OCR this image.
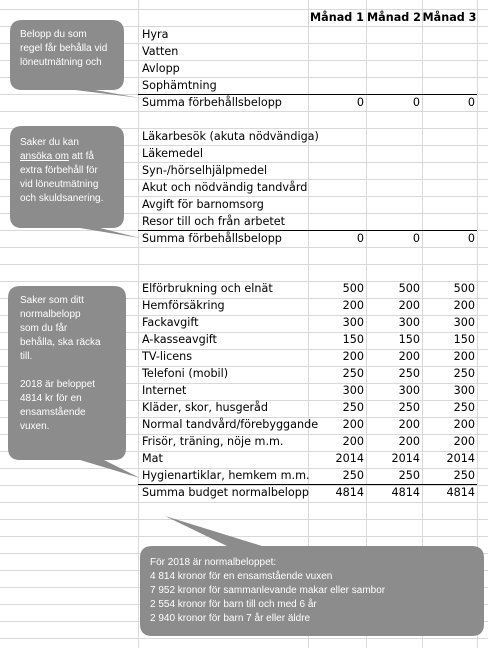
Månad 1 Månad 2 Månad 3
Hyra
Vatten
Avlopp
Sophämtning
Summa förbehållsbelopp	0	0	0
Läkarbesök (akuta nödvändiga)
Läkemedel
Syn-/hörselhjälpmedel
Akut och nödvändig tandvård
Avgift för barnomsorg
Resor till och från arbetet
Summa förbehållsbelopp	0	0	0
Elförbrukning och elnät	500	500	500
Hemförsäkring	200	200	200
Fackavgift	300	300	300
A-kasseavgift	150	150	150
TV-licens	200	200	200
Telefoni (mobil)	250	250	250
Internet	300	300	300
Kläder, skor, husgeråd	250	250	250
Normal tandvård/förebyggande	200	200	200
Frisör, träning, nöje m.m.	200	200	200
Mat	2014	2014	2014
Hygienartiklar, hemkem m.m.	250	250	250
Summa budget normalbelopp	4814	4814	4814
Belopp du som
regel får behålla vid
löneutmätning och
Saker du kan
ansöka om att få
extra förbehåll för
vid löneutmätning
och skuldsanering.
Saker som ditt
normalbelopp
som du får
behålla, ska räcka
till.
2018 är beloppet
4814 kr för en
ensamstående
vuxen.
För 2018 är normalbeloppet:
4 814 kronor för en ensamstående vuxen
7 952 kronor för sammanlevande makar eller sambor
2 554 kronor för barn till och med 6 år
2 940 kronor för barn 7 år eller äldre
